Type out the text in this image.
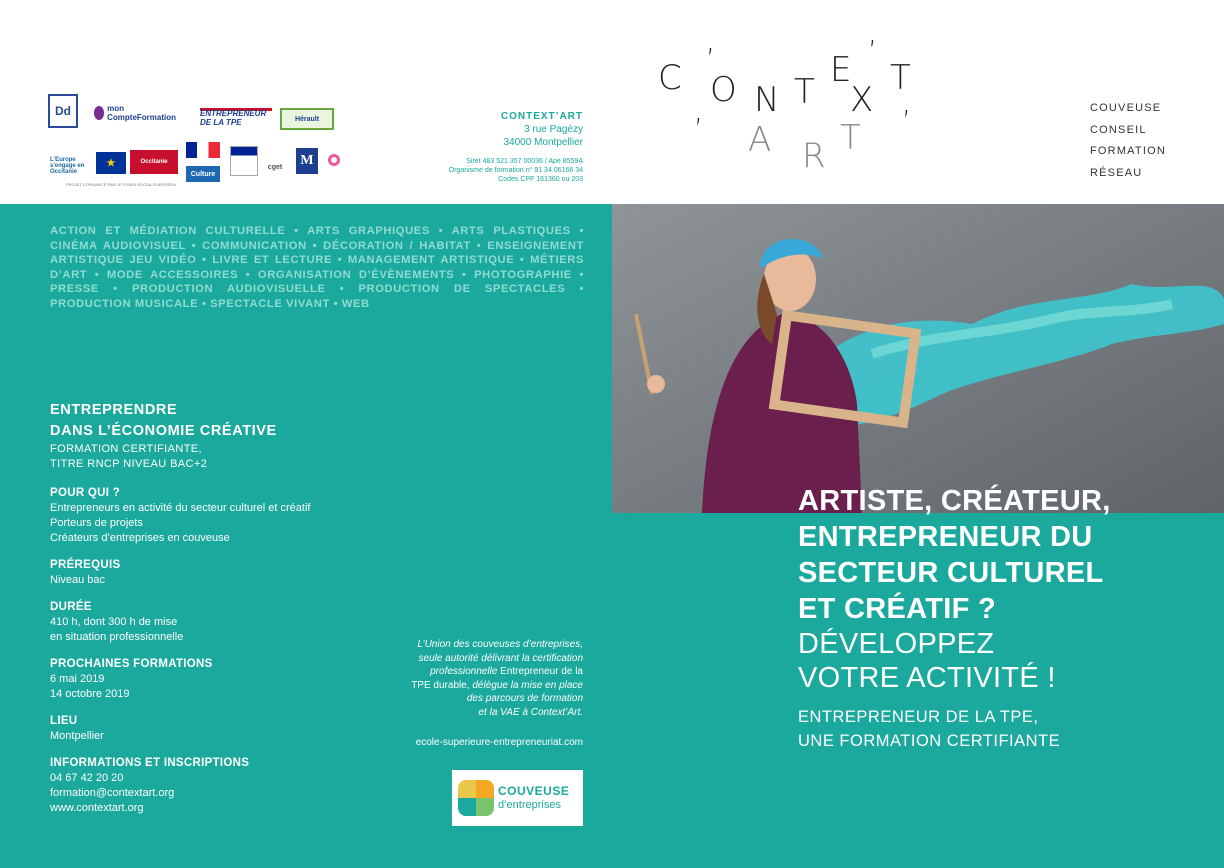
Dd	mon CompteFormation	ENTREPRENEUR DE LA TPE	Hérault
L'Europe s'engage en Occitanie
★	Occitanie
Culture
cget	M
PROJET COFINANCÉ PAR LE FONDS SOCIAL EUROPÉEN
CONTEXT’ART
3 rue Pagézy
34000 Montpellier
Siret 483 521 357 00036 / Ape 8559A
Organisme de formation n° 91 34 06166 34
Codes CPF 161360 ou 203
C ’
O N T
E ’
X
T
’ A R T ’	COUVEUSE
CONSEIL
FORMATION
RÉSEAU
ACTION ET MÉDIATION CULTURELLE • ARTS GRAPHIQUES • ARTS PLASTIQUES • CINÉMA AUDIOVISUEL • COMMUNICATION • DÉCORATION / HABITAT • ENSEIGNEMENT ARTISTIQUE JEU VIDÉO • LIVRE ET LECTURE • MANAGEMENT ARTISTIQUE • MÉTIERS D’ART • MODE ACCESSOIRES • ORGANISATION D’ÉVÈNEMENTS • PHOTOGRAPHIE • PRESSE • PRODUCTION AUDIOVISUELLE • PRODUCTION DE SPECTACLES • PRODUCTION MUSICALE • SPECTACLE VIVANT • WEB
ENTREPRENDRE
DANS L’ÉCONOMIE CRÉATIVE
FORMATION CERTIFIANTE,
TITRE RNCP NIVEAU BAC+2
POUR QUI ?
Entrepreneurs en activité du secteur culturel et créatif
Porteurs de projets
Créateurs d’entreprises en couveuse
PRÉREQUIS
Niveau bac
DURÉE
410 h, dont 300 h de mise
en situation professionnelle
PROCHAINES FORMATIONS
6 mai 2019
14 octobre 2019
LIEU
Montpellier
INFORMATIONS ET INSCRIPTIONS
04 67 42 20 20
formation@contextart.org
www.contextart.org
L’Union des couveuses d’entreprises,
seule autorité délivrant la certification
professionnelle Entrepreneur de la
TPE durable, délègue la mise en place
des parcours de formation
et la VAE à Context’Art.
ecole-superieure-entrepreneuriat.com
COUVEUSE
d’entreprises
ARTISTE, CRÉATEUR,
ENTREPRENEUR DU
SECTEUR CULTUREL
ET CRÉATIF ?
DÉVELOPPEZ
VOTRE ACTIVITÉ !
ENTREPRENEUR DE LA TPE,
UNE FORMATION CERTIFIANTE
